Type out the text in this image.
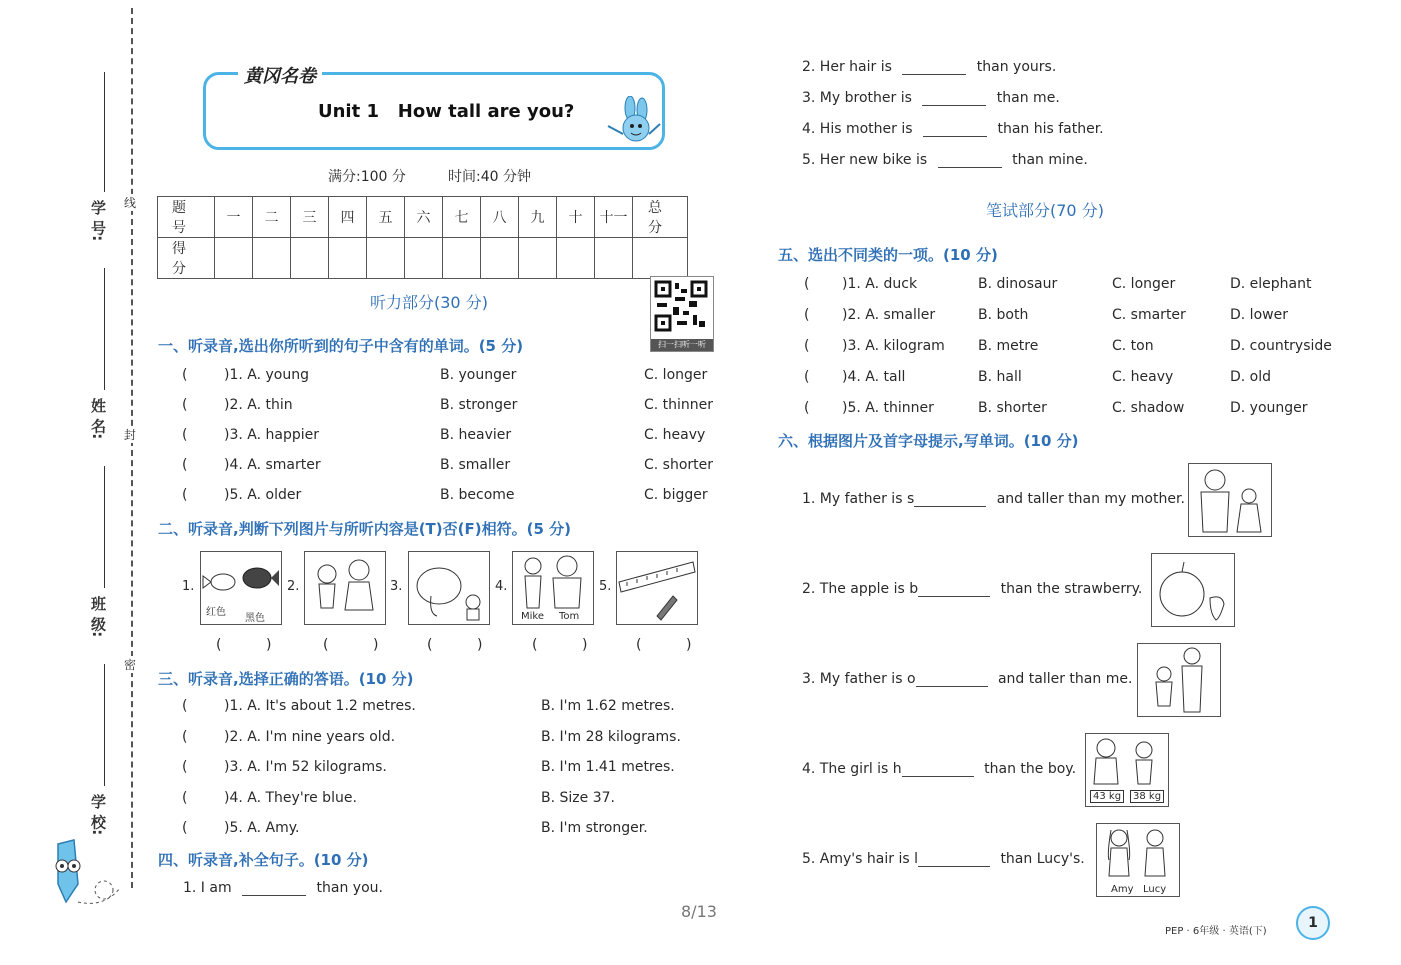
学 号:
姓 名:
班 级:
学 校:
线
封
密
黄冈名卷
Unit 1   How tall are you?
满分:100 分	时间:40 分钟
题 号	一	二	三	四	五	六	七	八	九	十	十一	总 分
得 分												
听力部分(30 分)
扫一扫听一听
一、听录音,选出你所听到的句子中含有的单词。(5 分)
(	)1. A. young	B. younger	C. longer
(	)2. A. thin	B. stronger	C. thinner
(	)3. A. happier	B. heavier	C. heavy
(	)4. A. smarter	B. smaller	C. shorter
(	)5. A. older	B. become	C. bigger
二、听录音,判断下列图片与所听内容是(T)否(F)相符。(5 分)
1.
红色
黑色
2.	3.	4.
Mike Tom
5.
(          )	(          )	(          )	(          )	(          )
三、听录音,选择正确的答语。(10 分)
(	)1. A. It's about 1.2 metres.	B. I'm 1.62 metres.
(	)2. A. I'm nine years old.	B. I'm 28 kilograms.
(	)3. A. I'm 52 kilograms.	B. I'm 1.41 metres.
(	)4. A. They're blue.	B. Size 37.
(	)5. A. Amy.	B. I'm stronger.
四、听录音,补全句子。(10 分)
1. I am	than you.
2. Her hair is	than yours.
3. My brother is	than me.
4. His mother is	than his father.
5. Her new bike is	than mine.
笔试部分(70 分)
五、选出不同类的一项。(10 分)
( )1. A. duck	B. dinosaur	C. longer	D. elephant
( )2. A. smaller	B. both	C. smarter	D. lower
( )3. A. kilogram B. metre	C. ton	D. countryside
( )4. A. tall	B. hall	C. heavy	D. old
( )5. A. thinner	B. shorter	C. shadow	D. younger
六、根据图片及首字母提示,写单词。(10 分)
1. My father is s	and taller than my mother.
2. The apple is b	than the strawberry.
3. My father is o	and taller than me.
4. The girl is h	than the boy.
43 kg	38 kg
5. Amy's hair is l	than Lucy's.
Amy Lucy
8/13
PEP · 6年级 · 英语(下)
1
